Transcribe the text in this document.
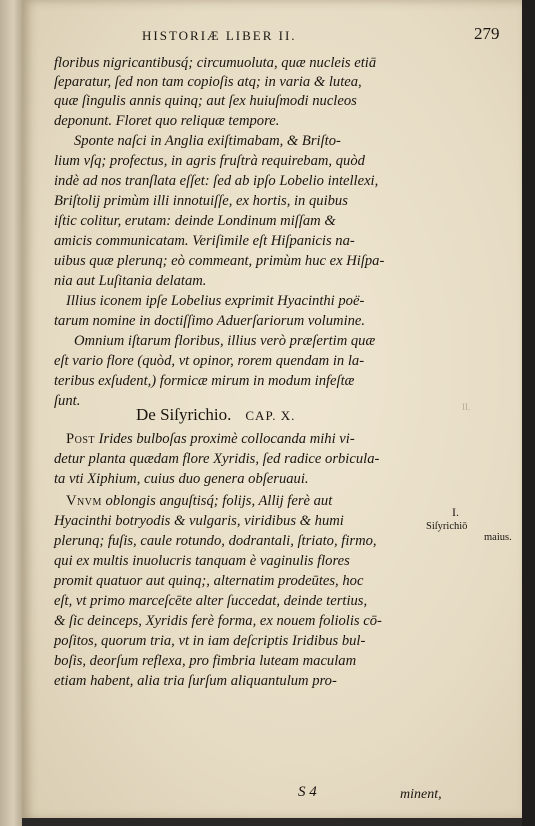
II.
HISTORIÆ LIBER II.	279
floribus nigricantibusq́; circumuoluta, quæ nucleis etiā
ſeparatur, ſed non tam copioſis atq; in varia & lutea,
quæ ſingulis annis quinq; aut ſex huiuſmodi nucleos
deponunt. Floret quo reliquæ tempore.
Sponte naſci in Anglia exiſtimabam, & Briſto-
lium vſq; profectus, in agris fruſtrà requirebam, quòd
indè ad nos tranſlata eſſet: ſed ab ipſo Lobelio intellexi,
Briſtolij primùm illi innotuiſſe, ex hortis, in quibus
iſtic colitur, erutam: deinde Londinum miſſam &
amicis communicatam. Veriſimile eſt Hiſpanicis na-
uibus quæ plerunq; eò commeant, primùm huc ex Hiſpa-
nia aut Luſitania delatam.
Illius iconem ipſe Lobelius exprimit Hyacinthi poë-
tarum nomine in doctiſſimo Aduerſariorum volumine.
Omnium iſtarum floribus, illius verò præſertim quæ
eſt vario flore (quòd, vt opinor, rorem quendam in la-
teribus exſudent,) formicæ mirum in modum infeſtæ
ſunt.
Poſt Irides bulboſas proximè collocanda mihi vi-
detur planta quædam flore Xyridis, ſed radice orbicula-
ta vti Xiphium, cuius duo genera obſeruaui.
Vnvm oblongis anguſtisq́; folijs, Allij ferè aut
Hyacinthi botryodis & vulgaris, viridibus & humi
plerunq; fuſis, caule rotundo, dodrantali, ſtriato, firmo,
qui ex multis inuolucris tanquam è vaginulis flores
promit quatuor aut quinq;, alternatim prodeūtes, hoc
eſt, vt primo marceſcēte alter ſuccedat, deinde tertius,
& ſic deinceps, Xyridis ferè forma, ex nouem foliolis cō-
poſitos, quorum tria, vt in iam deſcriptis Iridibus bul-
boſis, deorſum reflexa, pro fimbria luteam maculam
etiam habent, alia tria ſurſum aliquantulum pro-
De Siſyrichio. CAP. X.
I.
Siſyrichiō
maius.
S 4	minent,
